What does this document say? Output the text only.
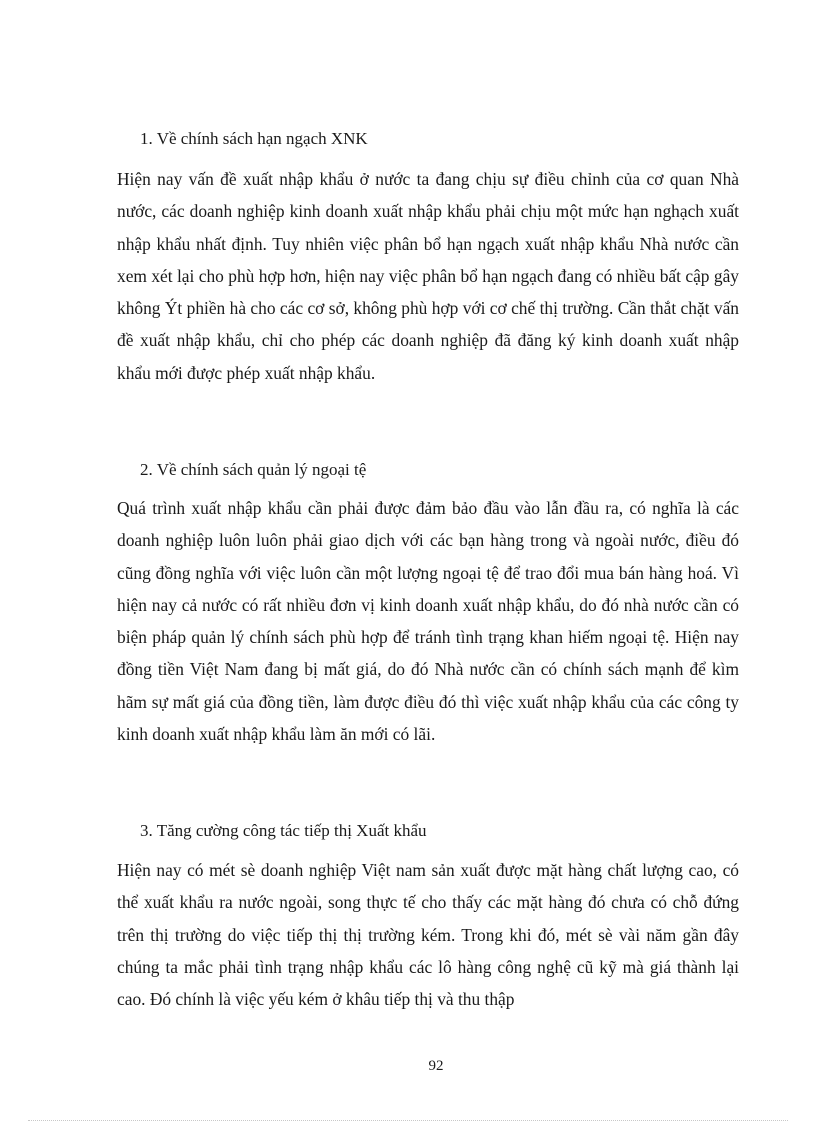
1. Về chính sách hạn ngạch XNK
Hiện nay vấn đề xuất nhập khẩu ở nước ta đang chịu sự điều chỉnh của cơ quan Nhà nước, các doanh nghiệp kinh doanh xuất nhập khẩu phải chịu một mức hạn nghạch xuất nhập khẩu nhất định. Tuy nhiên việc phân bổ hạn ngạch xuất nhập khẩu Nhà nước cần xem xét lại cho phù hợp hơn, hiện nay việc phân bổ hạn ngạch đang có nhiều bất cập gây không Ýt phiền hà cho các cơ sở, không phù hợp với cơ chế thị trường. Cần thắt chặt vấn đề xuất nhập khẩu, chỉ cho phép các doanh nghiệp đã đăng ký kinh doanh xuất nhập khẩu mới được phép xuất nhập khẩu.
2. Về chính sách quản lý ngoại tệ
Quá trình xuất nhập khẩu cần phải được đảm bảo đầu vào lẫn đầu ra, có nghĩa là các doanh nghiệp luôn luôn phải giao dịch với các bạn hàng trong và ngoài nước, điều đó cũng đồng nghĩa với việc luôn cần một lượng ngoại tệ để trao đổi mua bán hàng hoá. Vì hiện nay cả nước có rất nhiều đơn vị kinh doanh xuất nhập khẩu, do đó nhà nước cần có biện pháp quản lý chính sách phù hợp để tránh tình trạng khan hiếm ngoại tệ. Hiện nay đồng tiền Việt Nam đang bị mất giá, do đó Nhà nước cần có chính sách mạnh để kìm hãm sự mất giá của đồng tiền, làm được điều đó thì việc xuất nhập khẩu của các công ty kinh doanh xuất nhập khẩu làm ăn mới có lãi.
3. Tăng cường công tác tiếp thị Xuất khẩu
Hiện nay có mét sè doanh nghiệp Việt nam sản xuất được mặt hàng chất lượng cao, có thể xuất khẩu ra nước ngoài, song thực tế cho thấy các mặt hàng đó chưa có chỗ đứng trên thị trường do việc tiếp thị thị trường kém. Trong khi đó, mét sè vài năm gần đây chúng ta mắc phải tình trạng nhập khẩu các lô hàng công nghệ cũ kỹ mà giá thành lại cao. Đó chính là việc yếu kém ở khâu tiếp thị và thu thập
92
